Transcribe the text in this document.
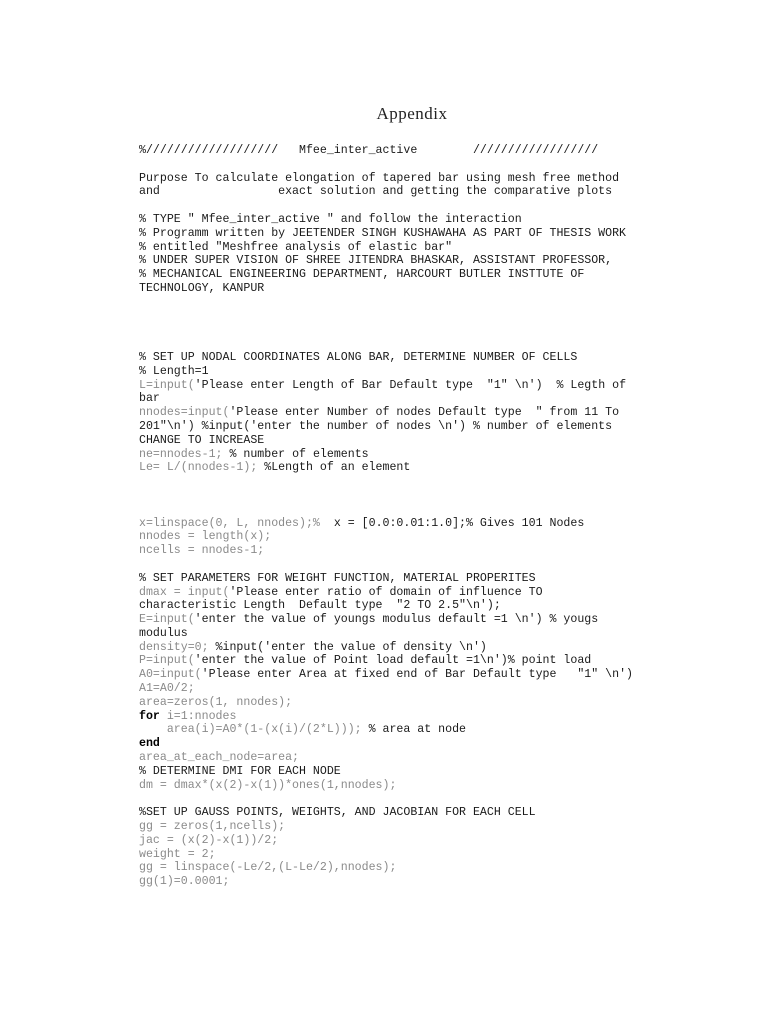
Appendix
%///////////////////   Mfee_inter_active        //////////////////
Purpose To calculate elongation of tapered bar using mesh free method
and                 exact solution and getting the comparative plots
% TYPE " Mfee_inter_active " and follow the interaction
% Programm written by JEETENDER SINGH KUSHAWAHA AS PART OF THESIS WORK
% entitled "Meshfree analysis of elastic bar"
% UNDER SUPER VISION OF SHREE JITENDRA BHASKAR, ASSISTANT PROFESSOR,
% MECHANICAL ENGINEERING DEPARTMENT, HARCOURT BUTLER INSTTUTE OF
TECHNOLOGY, KANPUR
% SET UP NODAL COORDINATES ALONG BAR, DETERMINE NUMBER OF CELLS
% Length=1
L=input('Please enter Length of Bar Default type  "1" \n')  % Legth of
bar
nnodes=input('Please enter Number of nodes Default type  " from 11 To
201"\n') %input('enter the number of nodes \n') % number of elements
CHANGE TO INCREASE
ne=nnodes-1; % number of elements
Le= L/(nnodes-1); %Length of an element
x=linspace(0, L, nnodes);%  x = [0.0:0.01:1.0];% Gives 101 Nodes
nnodes = length(x);
ncells = nnodes-1;
% SET PARAMETERS FOR WEIGHT FUNCTION, MATERIAL PROPERITES
dmax = input('Please enter ratio of domain of influence TO
characteristic Length  Default type  "2 TO 2.5"\n');
E=input('enter the value of youngs modulus default =1 \n') % yougs
modulus
density=0; %input('enter the value of density \n')
P=input('enter the value of Point load default =1\n')% point load
A0=input('Please enter Area at fixed end of Bar Default type   "1" \n')
A1=A0/2;
area=zeros(1, nnodes);
for i=1:nnodes
area(i)=A0*(1-(x(i)/(2*L))); % area at node
end
area_at_each_node=area;
% DETERMINE DMI FOR EACH NODE
dm = dmax*(x(2)-x(1))*ones(1,nnodes);
%SET UP GAUSS POINTS, WEIGHTS, AND JACOBIAN FOR EACH CELL
gg = zeros(1,ncells);
jac = (x(2)-x(1))/2;
weight = 2;
gg = linspace(-Le/2,(L-Le/2),nnodes);
gg(1)=0.0001;
